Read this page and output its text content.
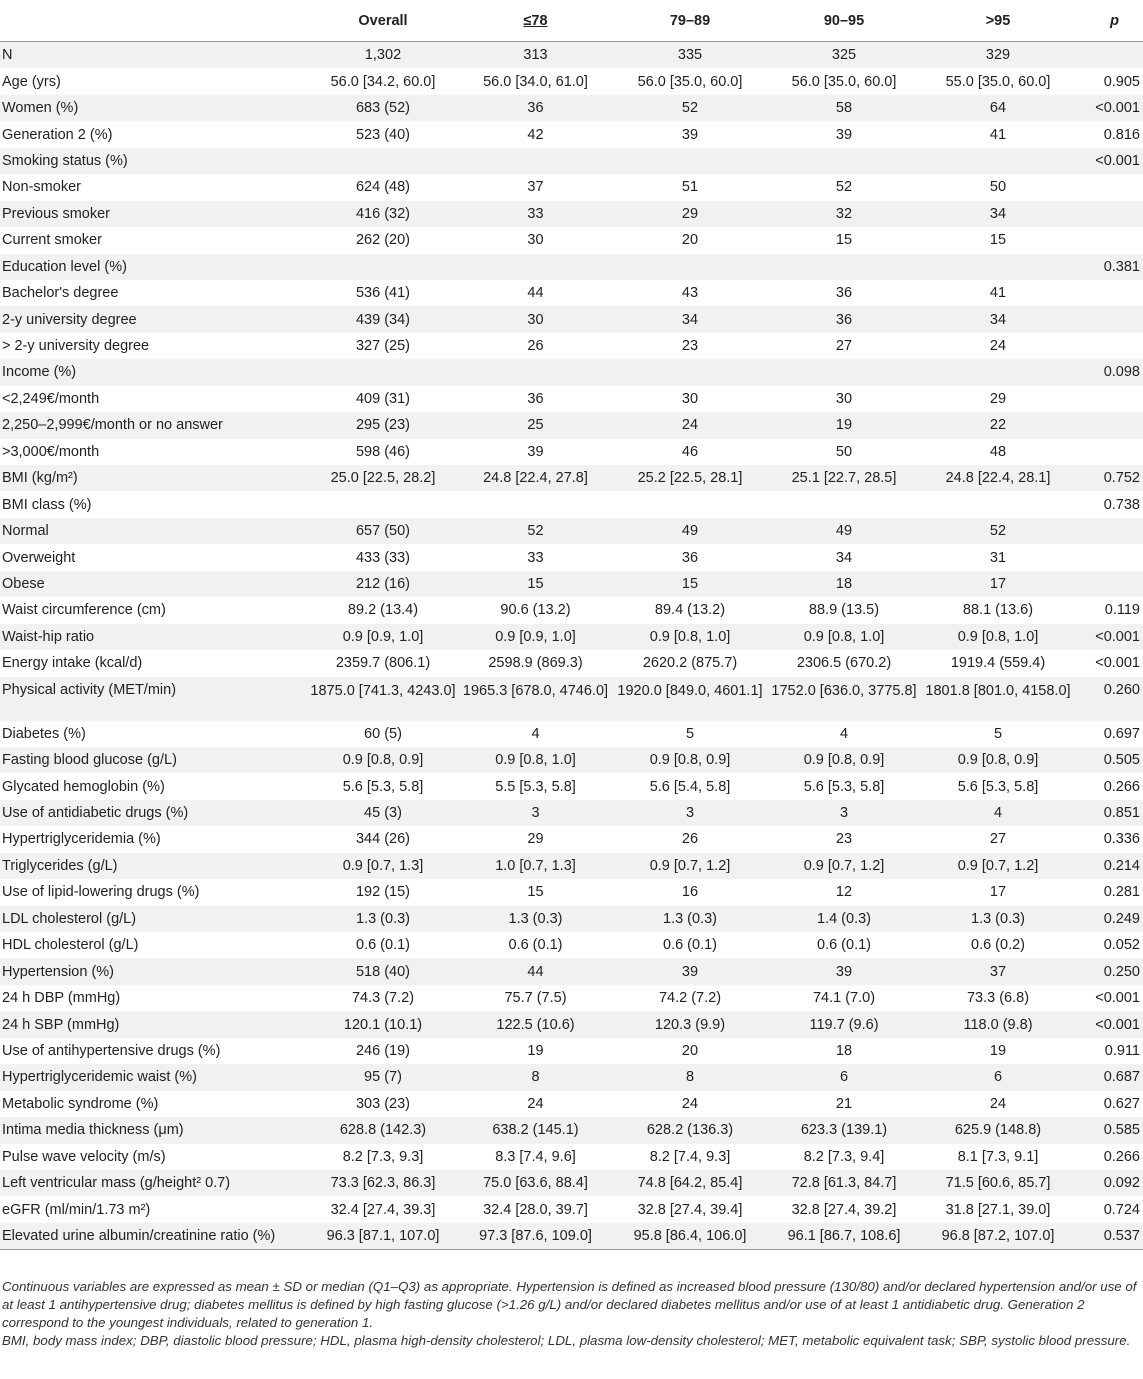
	Overall	≤78	79–89	90–95	>95	p
N	1,302	313	335	325	329	
Age (yrs)	56.0 [34.2, 60.0]	56.0 [34.0, 61.0]	56.0 [35.0, 60.0]	56.0 [35.0, 60.0]	55.0 [35.0, 60.0]	0.905
Women (%)	683 (52)	36	52	58	64	<0.001
Generation 2 (%)	523 (40)	42	39	39	41	0.816
Smoking status (%)						<0.001
Non-smoker	624 (48)	37	51	52	50	
Previous smoker	416 (32)	33	29	32	34	
Current smoker	262 (20)	30	20	15	15	
Education level (%)						0.381
Bachelor's degree	536 (41)	44	43	36	41	
2-y university degree	439 (34)	30	34	36	34	
> 2-y university degree	327 (25)	26	23	27	24	
Income (%)						0.098
<2,249€/month	409 (31)	36	30	30	29	
2,250–2,999€/month or no answer	295 (23)	25	24	19	22	
>3,000€/month	598 (46)	39	46	50	48	
BMI (kg/m²)	25.0 [22.5, 28.2]	24.8 [22.4, 27.8]	25.2 [22.5, 28.1]	25.1 [22.7, 28.5]	24.8 [22.4, 28.1]	0.752
BMI class (%)						0.738
Normal	657 (50)	52	49	49	52	
Overweight	433 (33)	33	36	34	31	
Obese	212 (16)	15	15	18	17	
Waist circumference (cm)	89.2 (13.4)	90.6 (13.2)	89.4 (13.2)	88.9 (13.5)	88.1 (13.6)	0.119
Waist-hip ratio	0.9 [0.9, 1.0]	0.9 [0.9, 1.0]	0.9 [0.8, 1.0]	0.9 [0.8, 1.0]	0.9 [0.8, 1.0]	<0.001
Energy intake (kcal/d)	2359.7 (806.1)	2598.9 (869.3)	2620.2 (875.7)	2306.5 (670.2)	1919.4 (559.4)	<0.001
Physical activity (MET/min)	1875.0 [741.3, 4243.0]	1965.3 [678.0, 4746.0]	1920.0 [849.0, 4601.1]	1752.0 [636.0, 3775.8]	1801.8 [801.0, 4158.0]	0.260
Diabetes (%)	60 (5)	4	5	4	5	0.697
Fasting blood glucose (g/L)	0.9 [0.8, 0.9]	0.9 [0.8, 1.0]	0.9 [0.8, 0.9]	0.9 [0.8, 0.9]	0.9 [0.8, 0.9]	0.505
Glycated hemoglobin (%)	5.6 [5.3, 5.8]	5.5 [5.3, 5.8]	5.6 [5.4, 5.8]	5.6 [5.3, 5.8]	5.6 [5.3, 5.8]	0.266
Use of antidiabetic drugs (%)	45 (3)	3	3	3	4	0.851
Hypertriglyceridemia (%)	344 (26)	29	26	23	27	0.336
Triglycerides (g/L)	0.9 [0.7, 1.3]	1.0 [0.7, 1.3]	0.9 [0.7, 1.2]	0.9 [0.7, 1.2]	0.9 [0.7, 1.2]	0.214
Use of lipid-lowering drugs (%)	192 (15)	15	16	12	17	0.281
LDL cholesterol (g/L)	1.3 (0.3)	1.3 (0.3)	1.3 (0.3)	1.4 (0.3)	1.3 (0.3)	0.249
HDL cholesterol (g/L)	0.6 (0.1)	0.6 (0.1)	0.6 (0.1)	0.6 (0.1)	0.6 (0.2)	0.052
Hypertension (%)	518 (40)	44	39	39	37	0.250
24 h DBP (mmHg)	74.3 (7.2)	75.7 (7.5)	74.2 (7.2)	74.1 (7.0)	73.3 (6.8)	<0.001
24 h SBP (mmHg)	120.1 (10.1)	122.5 (10.6)	120.3 (9.9)	119.7 (9.6)	118.0 (9.8)	<0.001
Use of antihypertensive drugs (%)	246 (19)	19	20	18	19	0.911
Hypertriglyceridemic waist (%)	95 (7)	8	8	6	6	0.687
Metabolic syndrome (%)	303 (23)	24	24	21	24	0.627
Intima media thickness (μm)	628.8 (142.3)	638.2 (145.1)	628.2 (136.3)	623.3 (139.1)	625.9 (148.8)	0.585
Pulse wave velocity (m/s)	8.2 [7.3, 9.3]	8.3 [7.4, 9.6]	8.2 [7.4, 9.3]	8.2 [7.3, 9.4]	8.1 [7.3, 9.1]	0.266
Left ventricular mass (g/height² 0.7)	73.3 [62.3, 86.3]	75.0 [63.6, 88.4]	74.8 [64.2, 85.4]	72.8 [61.3, 84.7]	71.5 [60.6, 85.7]	0.092
eGFR (ml/min/1.73 m²)	32.4 [27.4, 39.3]	32.4 [28.0, 39.7]	32.8 [27.4, 39.4]	32.8 [27.4, 39.2]	31.8 [27.1, 39.0]	0.724
Elevated urine albumin/creatinine ratio (%)	96.3 [87.1, 107.0]	97.3 [87.6, 109.0]	95.8 [86.4, 106.0]	96.1 [86.7, 108.6]	96.8 [87.2, 107.0]	0.537

Continuous variables are expressed as mean ± SD or median (Q1–Q3) as appropriate. Hypertension is defined as increased blood pressure (130/80) and/or declared hypertension and/or use of at least 1 antihypertensive drug; diabetes mellitus is defined by high fasting glucose (>1.26 g/L) and/or declared diabetes mellitus and/or use of at least 1 antidiabetic drug. Generation 2 correspond to the youngest individuals, related to generation 1.

BMI, body mass index; DBP, diastolic blood pressure; HDL, plasma high-density cholesterol; LDL, plasma low-density cholesterol; MET, metabolic equivalent task; SBP, systolic blood pressure.
